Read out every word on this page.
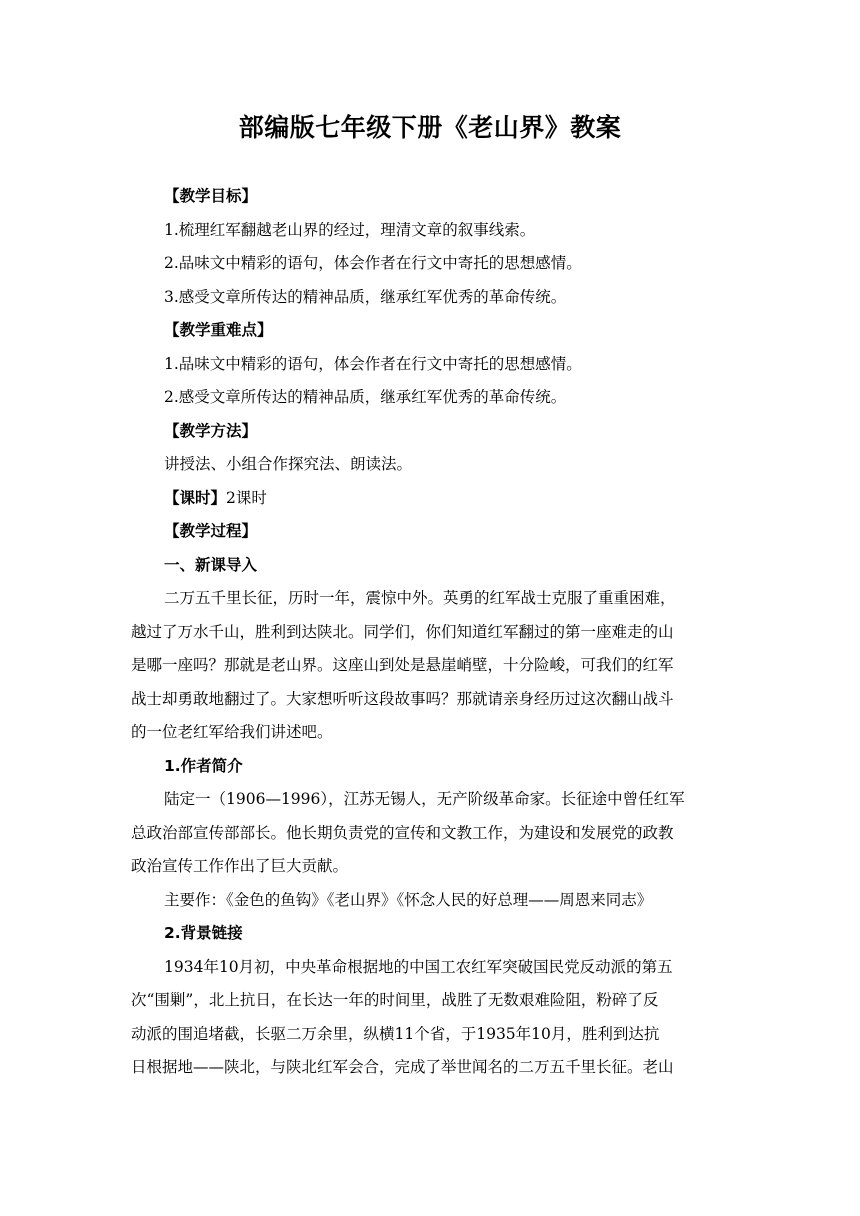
部编版七年级下册《老山界》教案
【教学目标】
1.梳理红军翻越老山界的经过，理清文章的叙事线索。
2.品味文中精彩的语句，体会作者在行文中寄托的思想感情。
3.感受文章所传达的精神品质，继承红军优秀的革命传统。
【教学重难点】
1.品味文中精彩的语句，体会作者在行文中寄托的思想感情。
2.感受文章所传达的精神品质，继承红军优秀的革命传统。
【教学方法】
讲授法、小组合作探究法、朗读法。
【课时】2课时
【教学过程】
一、新课导入
二万五千里长征，历时一年，震惊中外。英勇的红军战士克服了重重困难，
越过了万水千山，胜利到达陕北。同学们，你们知道红军翻过的第一座难走的山
是哪一座吗？那就是老山界。这座山到处是悬崖峭壁，十分险峻，可我们的红军
战士却勇敢地翻过了。大家想听听这段故事吗？那就请亲身经历过这次翻山战斗
的一位老红军给我们讲述吧。
1.作者简介
陆定一（1906—1996），江苏无锡人，无产阶级革命家。长征途中曾任红军
总政治部宣传部部长。他长期负责党的宣传和文教工作，为建设和发展党的政教
政治宣传工作作出了巨大贡献。
主要作：《金色的鱼钩》《老山界》《怀念人民的好总理——周恩来同志》
2.背景链接
1934年10月初，中央革命根据地的中国工农红军突破国民党反动派的第五
次“围剿”，北上抗日，在长达一年的时间里，战胜了无数艰难险阻，粉碎了反
动派的围追堵截，长驱二万余里，纵横11个省，于1935年10月，胜利到达抗
日根据地——陕北，与陕北红军会合，完成了举世闻名的二万五千里长征。老山
